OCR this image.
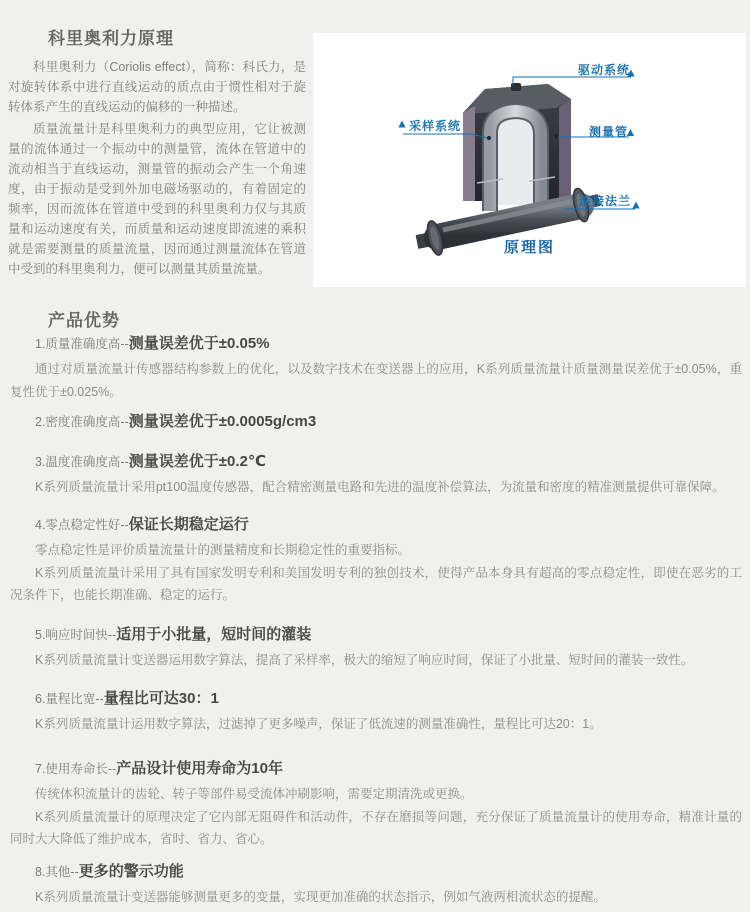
科里奥利力原理

科里奥利力（Coriolis effect），简称：科氏力，是对旋转体系中进行直线运动的质点由于惯性相对于旋转体系产生的直线运动的偏移的一种描述。

质量流量计是科里奥利力的典型应用，它让被测量的流体通过一个振动中的测量管，流体在管道中的流动相当于直线运动，测量管的振动会产生一个角速度，由于振动是受到外加电磁场驱动的，有着固定的频率，因而流体在管道中受到的科里奥利力仅与其质量和运动速度有关，而质量和运动速度即流速的乘积就是需要测量的质量流量，因而通过测量流体在管道中受到的科里奥利力，便可以测量其质量流量。

驱动系统
采样系统	测量管
连接法兰
原理图
产品优势
1.质量准确度高--测量误差优于±0.05%

通过对质量流量计传感器结构参数上的优化，以及数字技术在变送器上的应用，K系列质量流量计质量测量误差优于±0.05%，重复性优于±0.025%。

2.密度准确度高--测量误差优于±0.0005g/cm3
3.温度准确度高--测量误差优于±0.2℃

K系列质量流量计采用pt100温度传感器，配合精密测量电路和先进的温度补偿算法，为流量和密度的精准测量提供可靠保障。

4.零点稳定性好--保证长期稳定运行

零点稳定性是评价质量流量计的测量精度和长期稳定性的重要指标。

K系列质量流量计采用了具有国家发明专利和美国发明专利的独创技术，使得产品本身具有超高的零点稳定性，即使在恶劣的工况条件下，也能长期准确、稳定的运行。

5.响应时间快--适用于小批量，短时间的灌装

K系列质量流量计变送器运用数字算法，提高了采样率，极大的缩短了响应时间，保证了小批量、短时间的灌装一致性。

6.量程比宽--量程比可达30：1

K系列质量流量计运用数字算法，过滤掉了更多噪声，保证了低流速的测量准确性，量程比可达20：1。

7.使用寿命长--产品设计使用寿命为10年

传统体积流量计的齿轮、转子等部件易受流体冲刷影响，需要定期清洗或更换。

K系列质量流量计的原理决定了它内部无阻碍件和活动件，不存在磨损等问题，充分保证了质量流量计的使用寿命，精准计量的同时大大降低了维护成本，省时、省力、省心。

8.其他--更多的警示功能

K系列质量流量计变送器能够测量更多的变量，实现更加准确的状态指示，例如气液两相流状态的提醒。
